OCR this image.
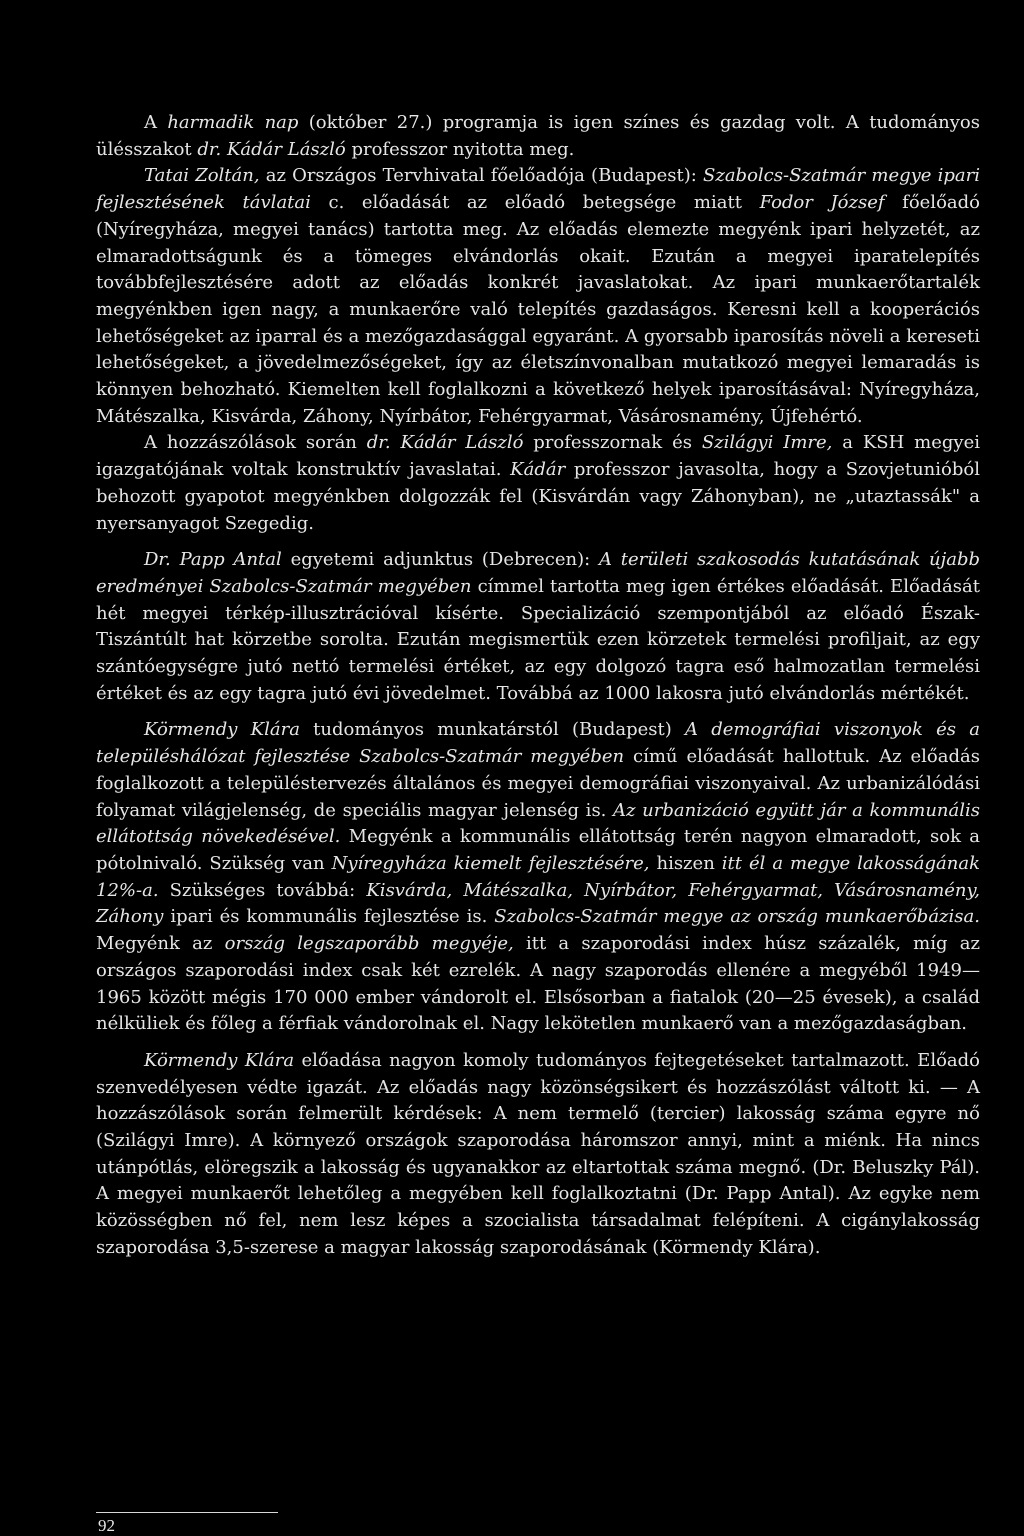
A harmadik nap (október 27.) programja is igen színes és gazdag volt. A tudományos ülésszakot dr. Kádár László professzor nyitotta meg.

Tatai Zoltán, az Országos Tervhivatal főelőadója (Budapest): Szabolcs-Szatmár megye ipari fejlesztésének távlatai c. előadását az előadó betegsége miatt Fodor József főelőadó (Nyíregyháza, megyei tanács) tartotta meg. Az előadás elemezte megyénk ipari helyzetét, az elmaradottságunk és a tömeges elvándorlás okait. Ezután a megyei iparatelepítés továbbfejlesztésére adott az előadás konkrét javaslatokat. Az ipari munkaerőtartalék megyénkben igen nagy, a munkaerőre való telepítés gazdaságos. Keresni kell a kooperációs lehetőségeket az iparral és a mezőgazdasággal egyaránt. A gyorsabb iparosítás növeli a kereseti lehetőségeket, a jövedelmezőségeket, így az életszínvonalban mutatkozó megyei lemaradás is könnyen behozható. Kiemelten kell foglalkozni a következő helyek iparosításával: Nyíregyháza, Mátészalka, Kisvárda, Záhony, Nyírbátor, Fehérgyarmat, Vásárosnamény, Újfehértó.

A hozzászólások során dr. Kádár László professzornak és Szilágyi Imre, a KSH megyei igazgatójának voltak konstruktív javaslatai. Kádár professzor javasolta, hogy a Szovjetunióból behozott gyapotot megyénkben dolgozzák fel (Kisvárdán vagy Záhonyban), ne „utaztassák" a nyersanyagot Szegedig.

Dr. Papp Antal egyetemi adjunktus (Debrecen): A területi szakosodás kutatásának újabb eredményei Szabolcs-Szatmár megyében címmel tartotta meg igen értékes előadását. Előadását hét megyei térkép-illusztrációval kísérte. Specializáció szempontjából az előadó Észak-Tiszántúlt hat körzetbe sorolta. Ezután megismertük ezen körzetek termelési profiljait, az egy szántóegységre jutó nettó termelési értéket, az egy dolgozó tagra eső halmozatlan termelési értéket és az egy tagra jutó évi jövedelmet. Továbbá az 1000 lakosra jutó elvándorlás mértékét.

Körmendy Klára tudományos munkatárstól (Budapest) A demográfiai viszonyok és a településhálózat fejlesztése Szabolcs-Szatmár megyében című előadását hallottuk. Az előadás foglalkozott a településtervezés általános és megyei demográfiai viszonyaival. Az urbanizálódási folyamat világjelenség, de speciális magyar jelenség is. Az urbanizáció együtt jár a kommunális ellátottság növekedésével. Megyénk a kommunális ellátottság terén nagyon elmaradott, sok a pótolnivaló. Szükség van Nyíregyháza kiemelt fejlesztésére, hiszen itt él a megye lakosságának 12%-a. Szükséges továbbá: Kisvárda, Mátészalka, Nyírbátor, Fehérgyarmat, Vásárosnamény, Záhony ipari és kommunális fejlesztése is. Szabolcs-Szatmár megye az ország munkaerőbázisa. Megyénk az ország legszaporább megyéje, itt a szaporodási index húsz százalék, míg az országos szaporodási index csak két ezrelék. A nagy szaporodás ellenére a megyéből 1949—1965 között mégis 170 000 ember vándorolt el. Elsősorban a fiatalok (20—25 évesek), a család nélküliek és főleg a férfiak vándorolnak el. Nagy lekötetlen munkaerő van a mezőgazdaságban.

Körmendy Klára előadása nagyon komoly tudományos fejtegetéseket tartalmazott. Előadó szenvedélyesen védte igazát. Az előadás nagy közönségsikert és hozzászólást váltott ki. — A hozzászólások során felmerült kérdések: A nem termelő (tercier) lakosság száma egyre nő (Szilágyi Imre). A környező országok szaporodása háromszor annyi, mint a miénk. Ha nincs utánpótlás, elöregszik a lakosság és ugyanakkor az eltartottak száma megnő. (Dr. Beluszky Pál). A megyei munkaerőt lehetőleg a megyében kell foglalkoztatni (Dr. Papp Antal). Az egyke nem közösségben nő fel, nem lesz képes a szocialista társadalmat felépíteni. A cigánylakosság szaporodása 3,5-szerese a magyar lakosság szaporodásának (Körmendy Klára).

92
